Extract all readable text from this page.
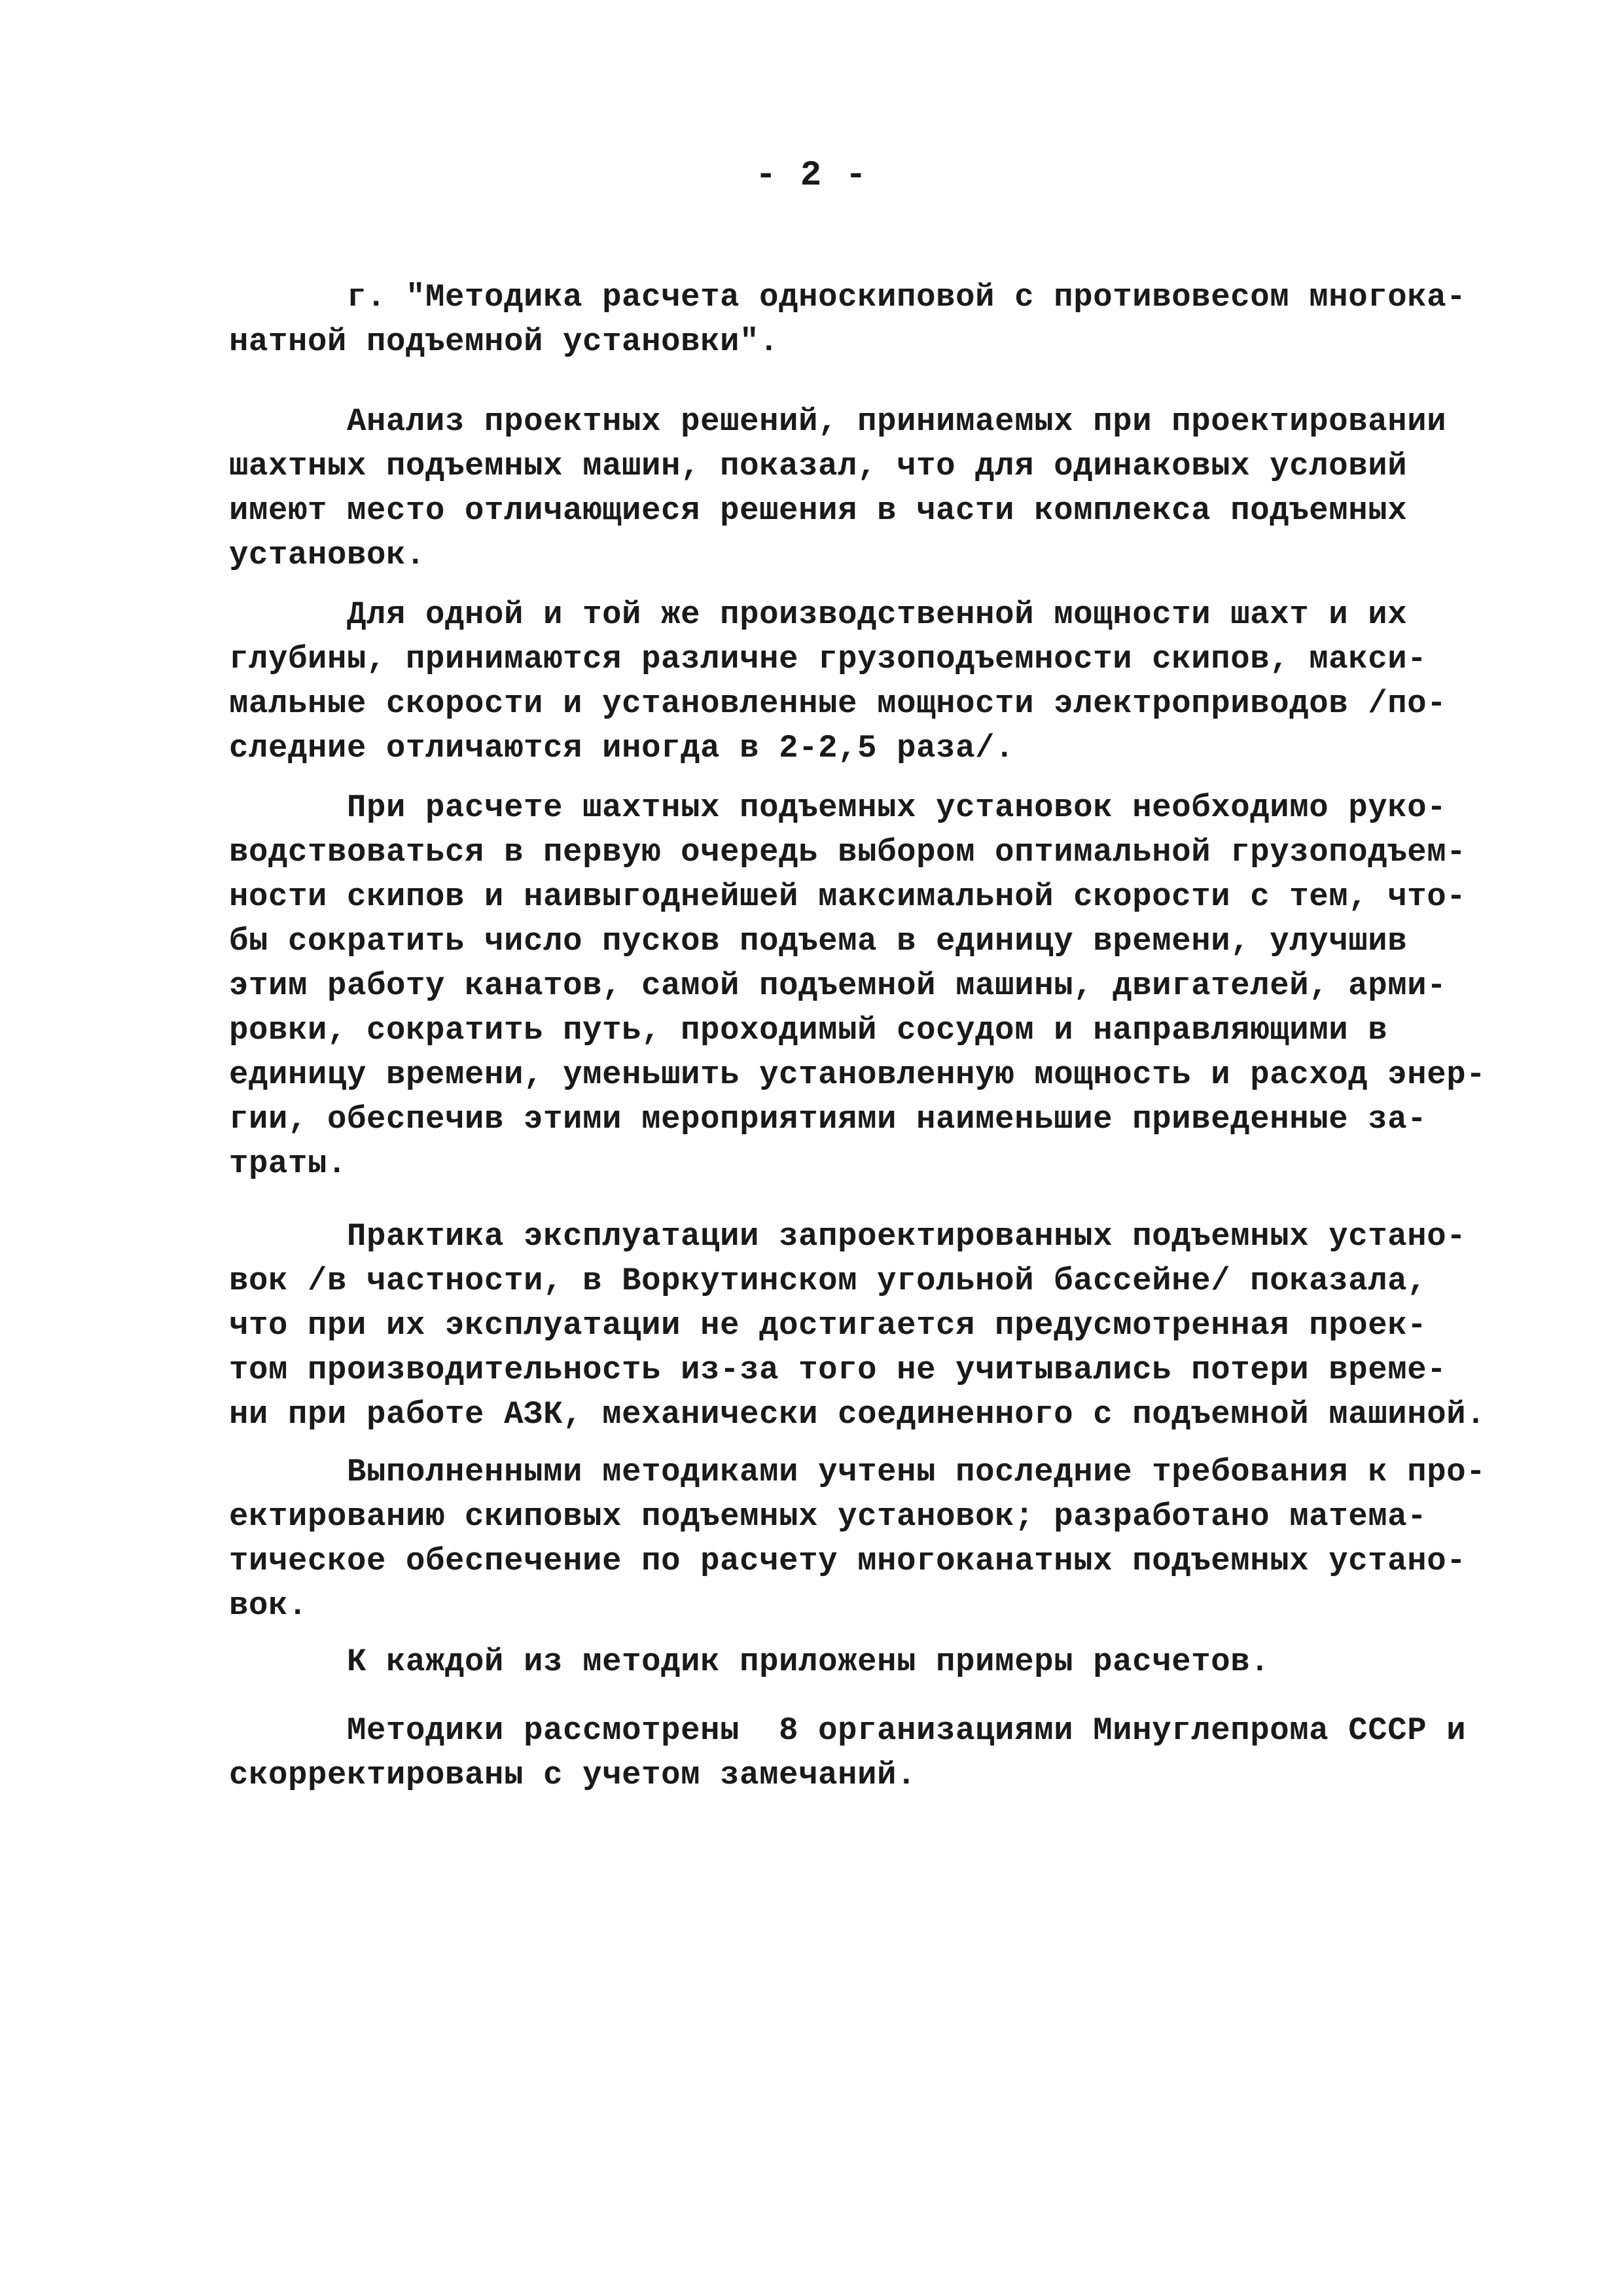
- 2 -
г. "Методика расчета односкиповой с противовесом многока-
натной подъемной установки".
Анализ проектных решений, принимаемых при проектировании
шахтных подъемных машин, показал, что для одинаковых условий
имеют место отличающиеся решения в части комплекса подъемных
установок.
Для одной и той же производственной мощности шахт и их
глубины, принимаются различне грузоподъемности скипов, макси-
мальные скорости и установленные мощности электроприводов /по-
следние отличаются иногда в 2-2,5 раза/.
При расчете шахтных подъемных установок необходимо руко-
водствоваться в первую очередь выбором оптимальной грузоподъем-
ности скипов и наивыгоднейшей максимальной скорости с тем, что-
бы сократить число пусков подъема в единицу времени, улучшив
этим работу канатов, самой подъемной машины, двигателей, арми-
ровки, сократить путь, проходимый сосудом и направляющими в
единицу времени, уменьшить установленную мощность и расход энер-
гии, обеспечив этими мероприятиями наименьшие приведенные за-
траты.
Практика эксплуатации запроектированных подъемных устано-
вок /в частности, в Воркутинском угольной бассейне/ показала,
что при их эксплуатации не достигается предусмотренная проек-
том производительность из-за того не учитывались потери време-
ни при работе АЗК, механически соединенного с подъемной машиной.
Выполненными методиками учтены последние требования к про-
ектированию скиповых подъемных установок; разработано матема-
тическое обеспечение по расчету многоканатных подъемных устано-
вок.
К каждой из методик приложены примеры расчетов.
Методики рассмотрены  8 организациями Минуглепрома СССР и
скорректированы с учетом замечаний.
